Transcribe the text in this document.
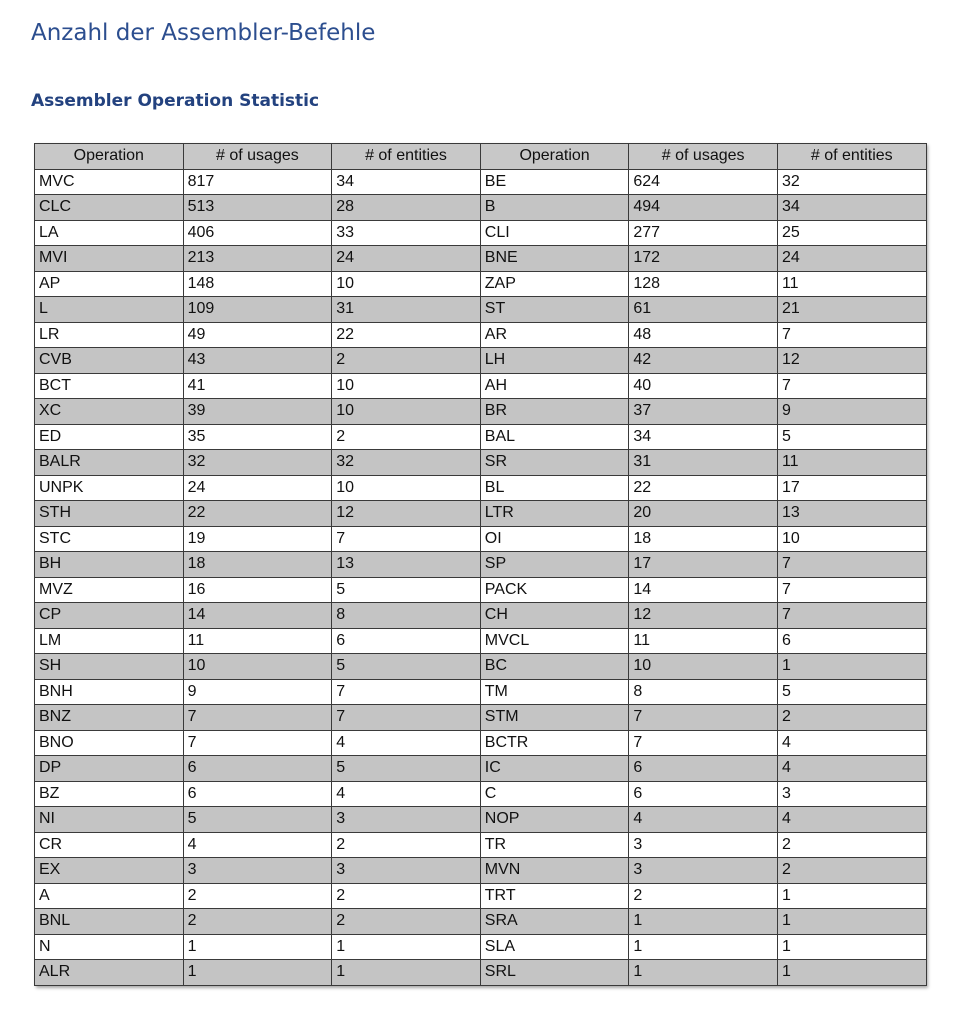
Anzahl der Assembler-Befehle
Assembler Operation Statistic
Operation	# of usages	# of entities	Operation	# of usages	# of entities
MVC	817	34	BE	624	32
CLC	513	28	B	494	34
LA	406	33	CLI	277	25
MVI	213	24	BNE	172	24
AP	148	10	ZAP	128	11
L	109	31	ST	61	21
LR	49	22	AR	48	7
CVB	43	2	LH	42	12
BCT	41	10	AH	40	7
XC	39	10	BR	37	9
ED	35	2	BAL	34	5
BALR	32	32	SR	31	11
UNPK	24	10	BL	22	17
STH	22	12	LTR	20	13
STC	19	7	OI	18	10
BH	18	13	SP	17	7
MVZ	16	5	PACK	14	7
CP	14	8	CH	12	7
LM	11	6	MVCL	11	6
SH	10	5	BC	10	1
BNH	9	7	TM	8	5
BNZ	7	7	STM	7	2
BNO	7	4	BCTR	7	4
DP	6	5	IC	6	4
BZ	6	4	C	6	3
NI	5	3	NOP	4	4
CR	4	2	TR	3	2
EX	3	3	MVN	3	2
A	2	2	TRT	2	1
BNL	2	2	SRA	1	1
N	1	1	SLA	1	1
ALR	1	1	SRL	1	1
